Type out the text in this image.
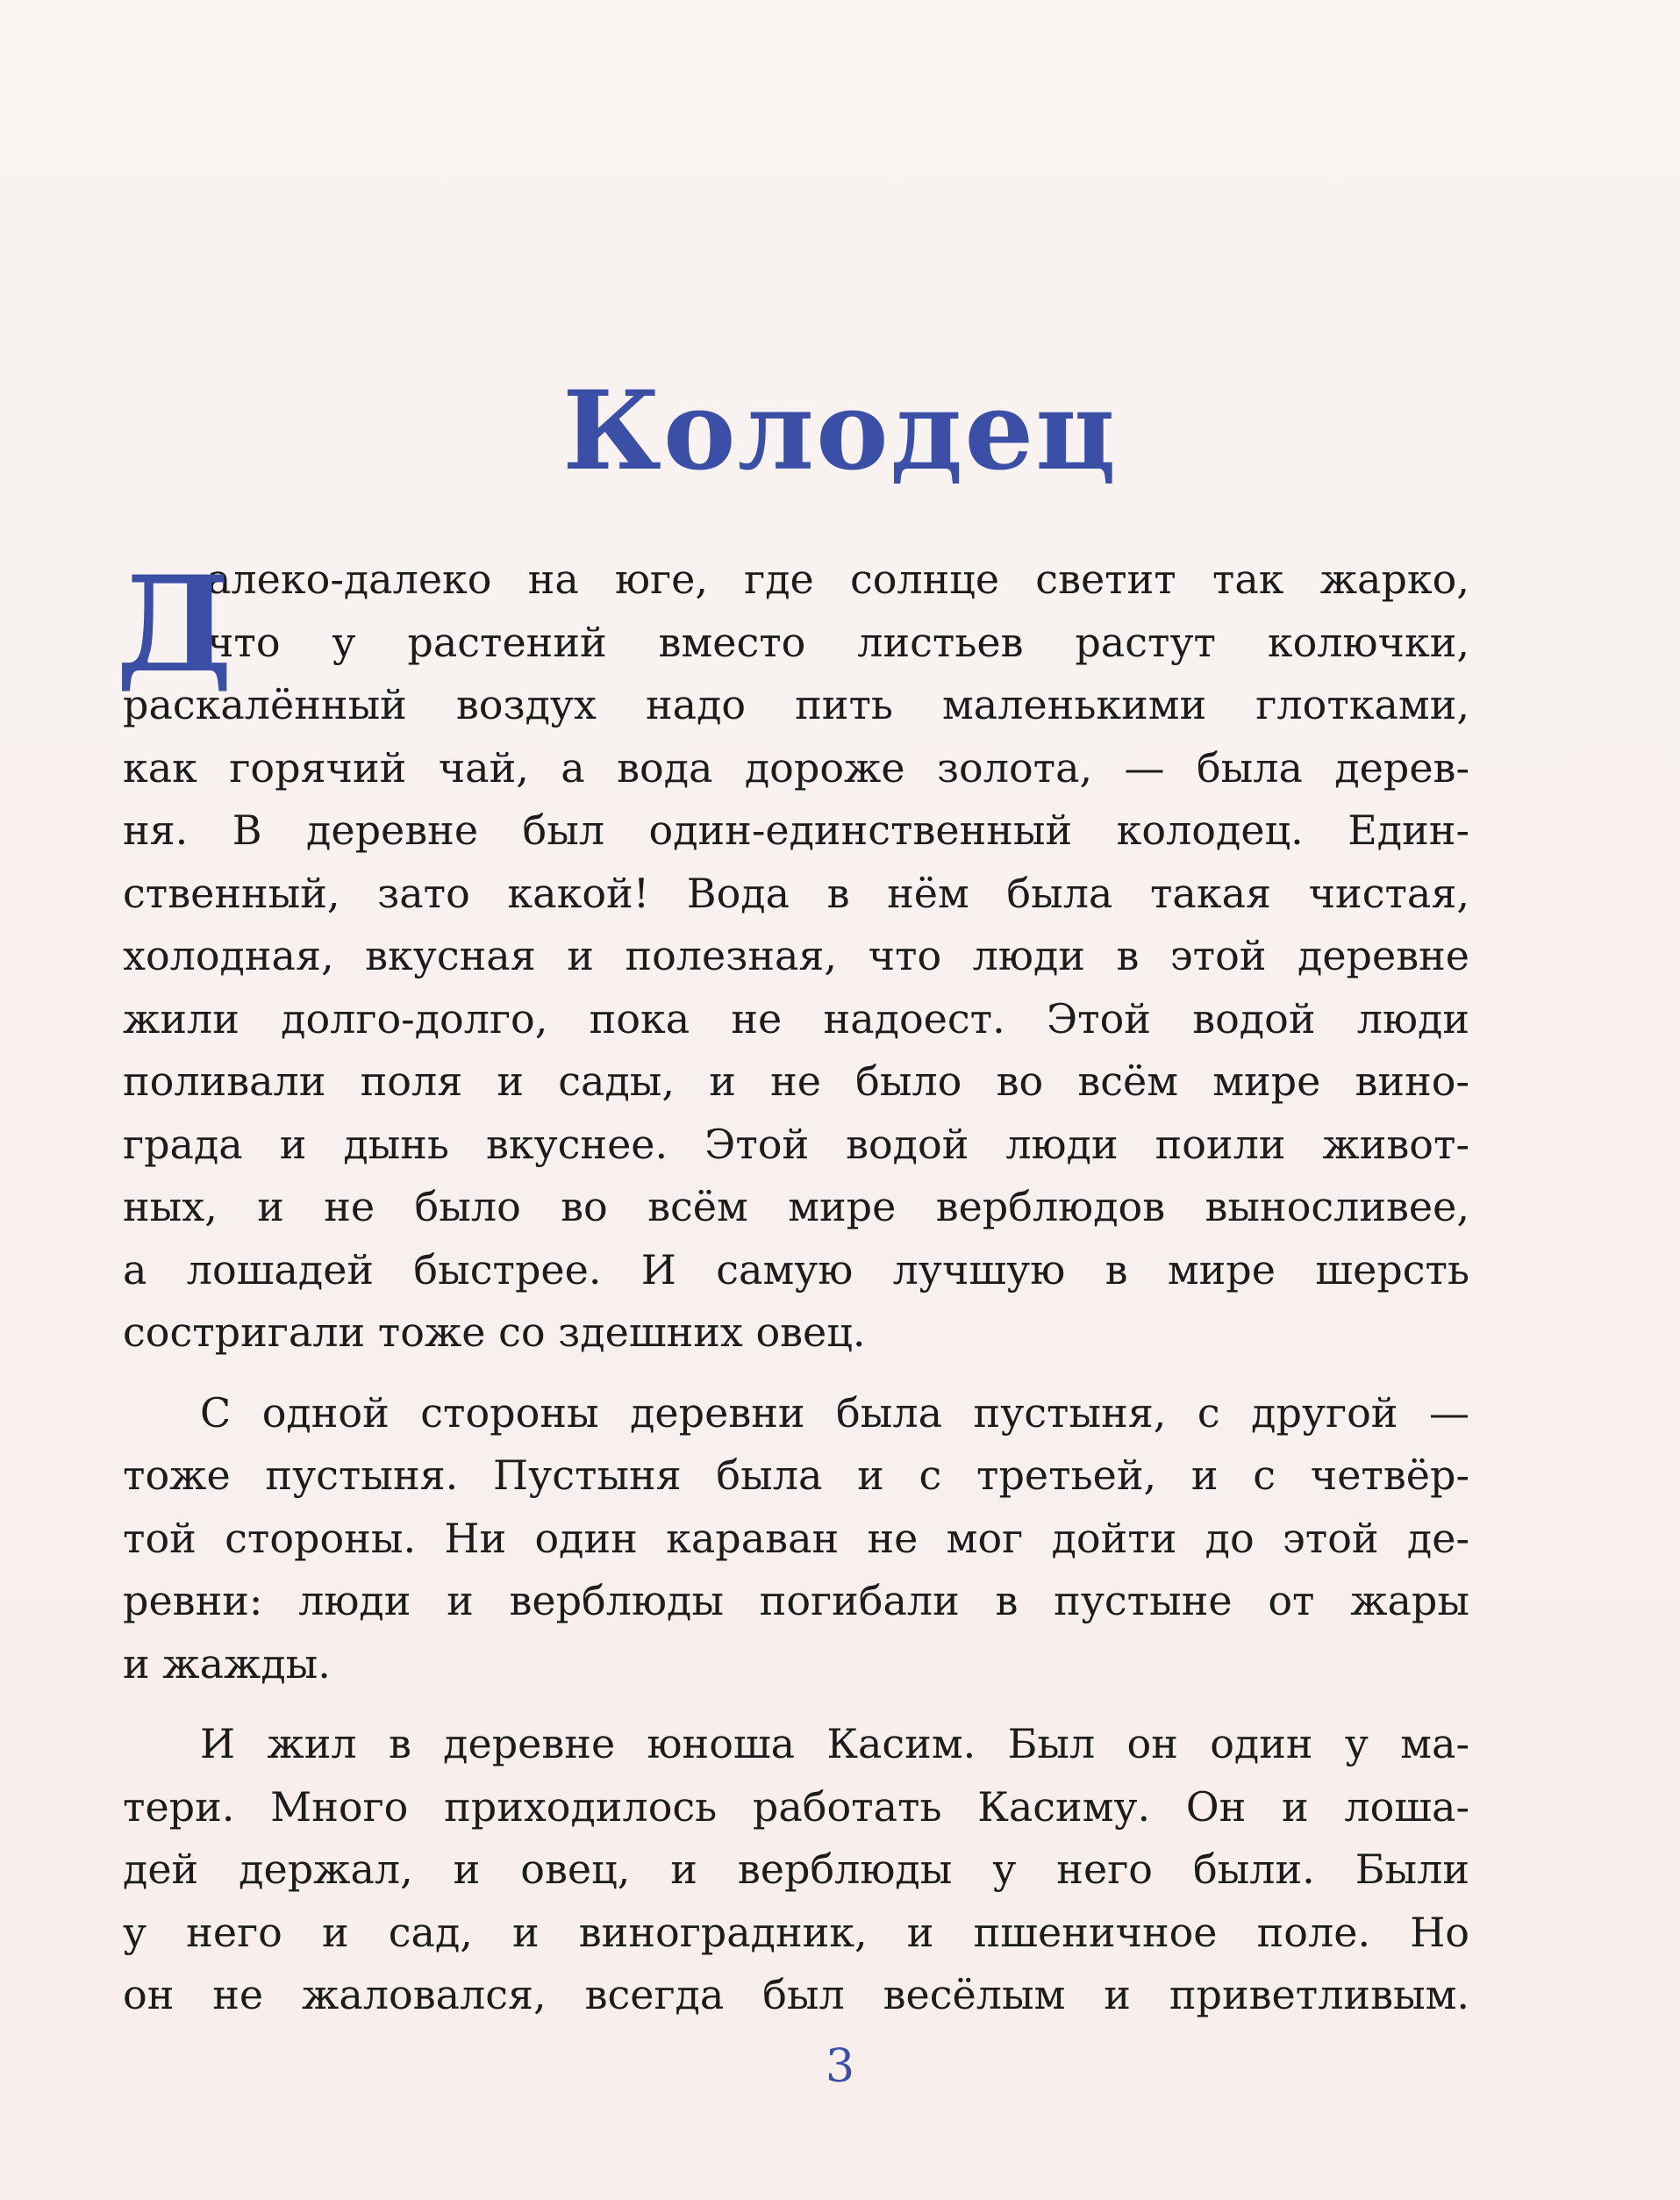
Колодец
Д
алеко-далеко на юге, где солнце светит так жарко,
что у растений вместо листьев растут колючки,
раскалённый воздух надо пить маленькими глотками,
как горячий чай, а вода дороже золота, — была дерев-
ня. В деревне был один-единственный колодец. Един-
ственный, зато какой! Вода в нём была такая чистая,
холодная, вкусная и полезная, что люди в этой деревне
жили долго-долго, пока не надоест. Этой водой люди
поливали поля и сады, и не было во всём мире вино-
града и дынь вкуснее. Этой водой люди поили живот-
ных, и не было во всём мире верблюдов выносливее,
а лошадей быстрее. И самую лучшую в мире шерсть
состригали тоже со здешних овец.
С одной стороны деревни была пустыня, с другой —
тоже пустыня. Пустыня была и с третьей, и с четвёр-
той стороны. Ни один караван не мог дойти до этой де-
ревни: люди и верблюды погибали в пустыне от жары
и жажды.
И жил в деревне юноша Касим. Был он один у ма-
тери. Много приходилось работать Касиму. Он и лоша-
дей держал, и овец, и верблюды у него были. Были
у него и сад, и виноградник, и пшеничное поле. Но
он не жаловался, всегда был весёлым и приветливым.
3
